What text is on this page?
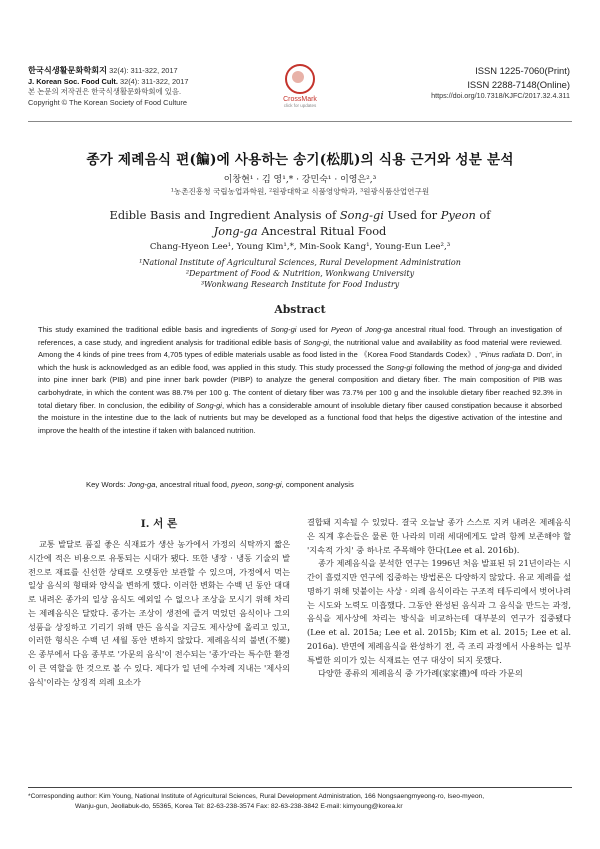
한국식생활문화학회지 32(4): 311-322, 2017
J. Korean Soc. Food Cult. 32(4): 311-322, 2017
본 논문의 저작권은 한국식생활문화학회에 있음.
Copyright © The Korean Society of Food Culture	CrossMark
click for updates
ISSN 1225-7060(Print)
ISSN 2288-7148(Online)
https://doi.org/10.7318/KJFC/2017.32.4.311
종가 제례음식 편(䭏)에 사용하는 송기(松肌)의 식용 근거와 성분 분석
이창현¹ · 김 영¹,* · 강민숙¹ · 이영은²,³
¹농촌진흥청 국립농업과학원, ²원광대학교 식품영양학과, ³원광식품산업연구원
Edible Basis and Ingredient Analysis of Song-gi Used for Pyeon of
Jong-ga Ancestral Ritual Food
Chang-Hyeon Lee¹, Young Kim¹,*, Min-Sook Kang¹, Young-Eun Lee²,³
¹National Institute of Agricultural Sciences, Rural Development Administration
²Department of Food & Nutrition, Wonkwang University
³Wonkwang Research Institute for Food Industry
Abstract
This study examined the traditional edible basis and ingredients of Song-gi used for Pyeon of Jong-ga ancestral ritual food. Through an investigation of references, a case study, and ingredient analysis for traditional edible basis of Song-gi, the nutritional value and availability as food material were reviewed. Among the 4 kinds of pine trees from 4,705 types of edible materials usable as food listed in the 《Korea Food Standards Codex》, 'Pinus radiata D. Don', in which the husk is acknowledged as an edible food, was applied in this study. This study processed the Song-gi following the method of jong-ga and divided into pine inner bark (PIB) and pine inner bark powder (PIBP) to analyze the general composition and dietary fiber. The main composition of PIB was carbohydrate, in which the content was 88.7% per 100 g. The content of dietary fiber was 73.7% per 100 g and the insoluble dietary fiber reached 92.3% in total dietary fiber. In conclusion, the edibility of Song-gi, which has a considerable amount of insoluble dietary fiber caused constipation because it absorbed the moisture in the intestine due to the lack of nutrients but may be developed as a functional food that helps the digestive activation of the intestine and improve the health of the intestine if taken with balanced nutrition.
Key Words: Jong-ga, ancestral ritual food, pyeon, song-gi, component analysis
I. 서 론

교통 발달로 품질 좋은 식재료가 생산 농가에서 가정의 식탁까지 짧은 시간에 적은 비용으로 유통되는 시대가 됐다. 또한 냉장 · 냉동 기술의 발전으로 재료를 신선한 상태로 오랫동안 보관할 수 있으며, 가정에서 먹는 일상 음식의 형태와 양식을 변하게 했다. 이러한 변화는 수백 년 동안 대대로 내려온 종가의 일상 음식도 예외일 수 없으나 조상을 모시기 위해 차리는 제례음식은 달랐다. 종가는 조상이 생전에 즐겨 먹었던 음식이나 그의 성품을 상징하고 기리기 위해 만든 음식을 지금도 제사상에 올리고 있고, 이러한 형식은 수백 년 세월 동안 변하지 않았다. 제례음식의 불변(不變)은 종부에서 다음 종부로 '가문의 음식'이 전수되는 '종가'라는 특수한 환경이 큰 역할을 한 것으로 볼 수 있다. 제다가 일 년에 수차례 지내는 '제사의 음식'이라는 상징적 의례 요소가

결합돼 지속될 수 있었다. 결국 오늘날 종가 스스로 지켜 내려온 제례음식은 직계 후손들은 물론 한 나라의 미래 세대에게도 알려 함께 보존해야 할 '지속적 가치' 중 하나로 주목해야 한다(Lee et al. 2016b).

종가 제례음식을 분석한 연구는 1996년 처음 발표된 뒤 21년이라는 시간이 흘렀지만 연구에 집중하는 방법론은 다양하지 않았다. 유교 제례를 설명하기 위해 덧붙이는 사상 · 의례 음식이라는 구조적 테두리에서 벗어나려는 시도와 노력도 미흡했다. 그동안 완성된 음식과 그 음식을 만드는 과정, 음식을 제사상에 차리는 방식을 비교하는데 대부분의 연구가 집중됐다(Lee et al. 2015a; Lee et al. 2015b; Kim et al. 2015; Lee et al. 2016a). 반면에 제례음식을 완성하기 전, 즉 조리 과정에서 사용하는 일부 특별한 의미가 있는 식재료는 연구 대상이 되지 못했다.

다양한 종류의 제례음식 중 가가례(家家禮)에 따라 가문의

*Corresponding author: Kim Young, National Institute of Agricultural Sciences, Rural Development Administration, 166 Nongsaengmyeong-ro, Iseo-myeon,
Wanju-gun, Jeollabuk-do, 55365, Korea Tel: 82-63-238-3574 Fax: 82-63-238-3842 E-mail: kimyoung@korea.kr
